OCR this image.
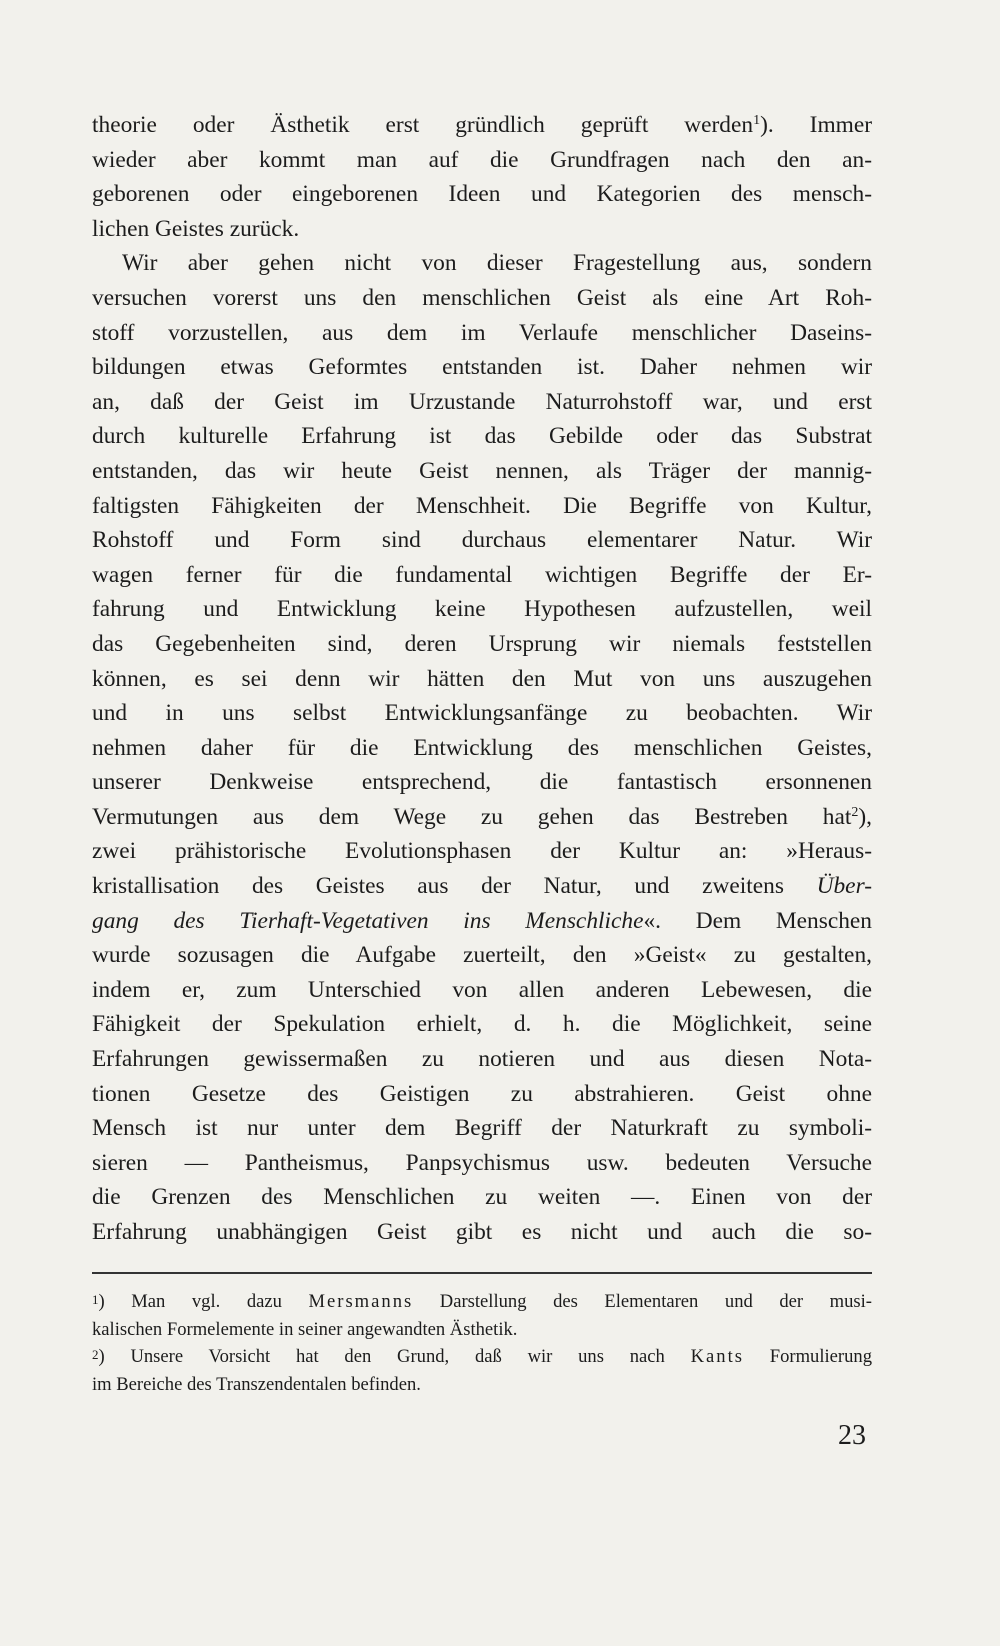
theorie oder Ästhetik erst gründlich geprüft werden$^1$). Immer
wieder aber kommt man auf die Grundfragen nach den an-
geborenen oder eingeborenen Ideen und Kategorien des mensch-
lichen Geistes zurück.
Wir aber gehen nicht von dieser Fragestellung aus, sondern
versuchen vorerst uns den menschlichen Geist als eine Art Roh-
stoff vorzustellen, aus dem im Verlaufe menschlicher Daseins-
bildungen etwas Geformtes entstanden ist. Daher nehmen wir
an, daß der Geist im Urzustande Naturrohstoff war, und erst
durch kulturelle Erfahrung ist das Gebilde oder das Substrat
entstanden, das wir heute Geist nennen, als Träger der mannig-
faltigsten Fähigkeiten der Menschheit. Die Begriffe von Kultur,
Rohstoff und Form sind durchaus elementarer Natur. Wir
wagen ferner für die fundamental wichtigen Begriffe der Er-
fahrung und Entwicklung keine Hypothesen aufzustellen, weil
das Gegebenheiten sind, deren Ursprung wir niemals feststellen
können, es sei denn wir hätten den Mut von uns auszugehen
und in uns selbst Entwicklungsanfänge zu beobachten. Wir
nehmen daher für die Entwicklung des menschlichen Geistes,
unserer Denkweise entsprechend, die fantastisch ersonnenen
Vermutungen aus dem Wege zu gehen das Bestreben hat$^2$),
zwei prähistorische Evolutionsphasen der Kultur an: »Heraus-
kristallisation des Geistes aus der Natur, und zweitens Über-
gang des Tierhaft-Vegetativen ins Menschliche«. Dem Menschen
wurde sozusagen die Aufgabe zuerteilt, den »Geist« zu gestalten,
indem er, zum Unterschied von allen anderen Lebewesen, die
Fähigkeit der Spekulation erhielt, d. h. die Möglichkeit, seine
Erfahrungen gewissermaßen zu notieren und aus diesen Nota-
tionen Gesetze des Geistigen zu abstrahieren. Geist ohne
Mensch ist nur unter dem Begriff der Naturkraft zu symboli-
sieren — Pantheismus, Panpsychismus usw. bedeuten Versuche
die Grenzen des Menschlichen zu weiten —. Einen von der
Erfahrung unabhängigen Geist gibt es nicht und auch die so-
$^1$) Man vgl. dazu Mersmanns Darstellung des Elementaren und der musi-
kalischen Formelemente in seiner angewandten Ästhetik.
$^2$) Unsere Vorsicht hat den Grund, daß wir uns nach Kants Formulierung
im Bereiche des Transzendentalen befinden.
23
